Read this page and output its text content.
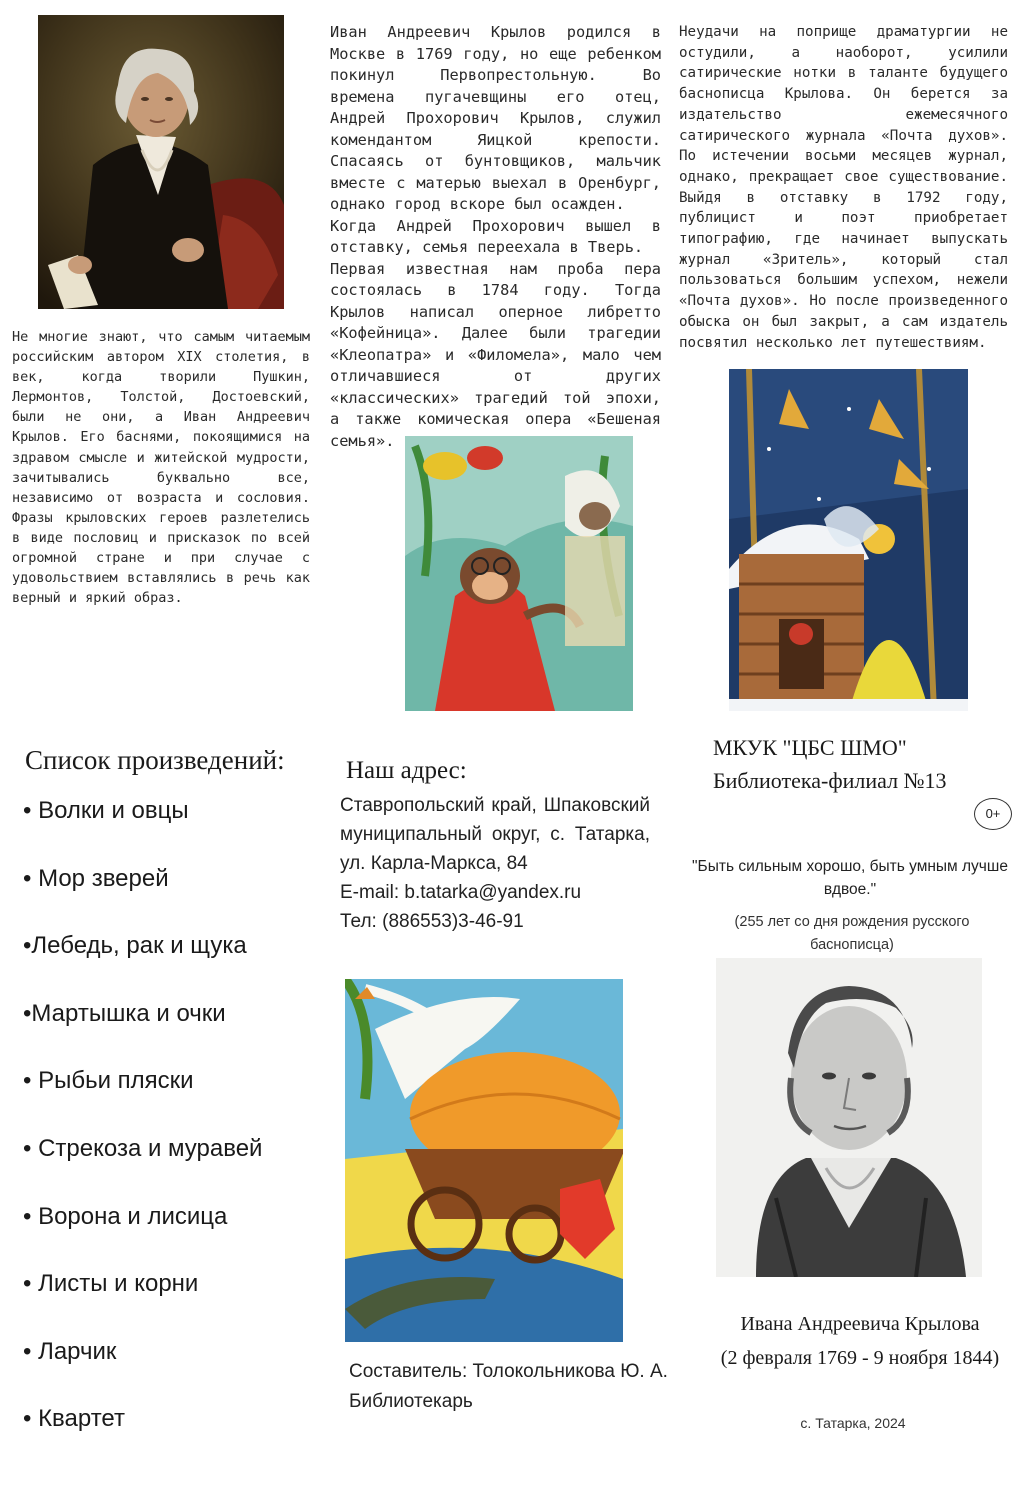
Не многие знают, что самым читаемым российским автором XIX столетия, в век, когда творили Пушкин, Лермонтов, Толстой, Достоевский, были не они, а Иван Андреевич Крылов. Его баснями, покоящимися на здравом смысле и житейской мудрости, зачитывались буквально все, независимо от возраста и сословия. Фразы крыловских героев разлетелись в виде пословиц и присказок по всей огромной стране и при случае с удовольствием вставлялись в речь как верный и яркий образ.

Иван Андреевич Крылов родился в Москве в 1769 году, но еще ребенком покинул Первопрестольную. Во времена пугачевщины его отец, Андрей Прохорович Крылов, служил комендантом Яицкой крепости. Спасаясь от бунтовщиков, мальчик вместе с матерью выехал в Оренбург, однако город вскоре был осажден.

Когда Андрей Прохорович вышел в отставку, семья переехала в Тверь.

Первая известная нам проба пера состоялась в 1784 году. Тогда Крылов написал оперное либретто «Кофейница». Далее были трагедии «Клеопатра» и «Филомела», мало чем отличавшиеся от других «классических» трагедий той эпохи, а также комическая опера «Бешеная семья».

Неудачи на поприще драматургии не остудили, а наоборот, усилили сатирические нотки в таланте будущего баснописца Крылова. Он берется за издательство ежемесячного сатирического журнала «Почта духов». По истечении восьми месяцев журнал, однако, прекращает свое существование. Выйдя в отставку в 1792 году, публицист и поэт приобретает типографию, где начинает выпускать журнал «Зритель», который стал пользоваться большим успехом, нежели «Почта духов». Но после произведенного обыска он был закрыт, а сам издатель посвятил несколько лет путешествиям.

Список произведений:
• Волки и овцы
• Мор зверей
•Лебедь, рак и щука
•Мартышка и очки
• Рыбьи пляски
• Стрекоза и муравей
• Ворона и лисица
• Листы и корни
• Ларчик
• Квартет
Наш адрес:

Ставропольский край, Шпаковский муниципальный округ, с. Татарка, ул. Карла-Маркса, 84

E-mail: b.tatarka@yandex.ru
Тел: (886553)3-46-91
Составитель: Толокольникова Ю. А.
Библиотекарь
МКУК "ЦБС ШМО"
Библиотека-филиал №13
0+
"Быть сильным хорошо, быть умным лучше вдвое."
(255 лет со дня рождения русского баснописца)
Ивана Андреевича Крылова
(2 февраля 1769 - 9 ноября 1844)
с. Татарка, 2024
